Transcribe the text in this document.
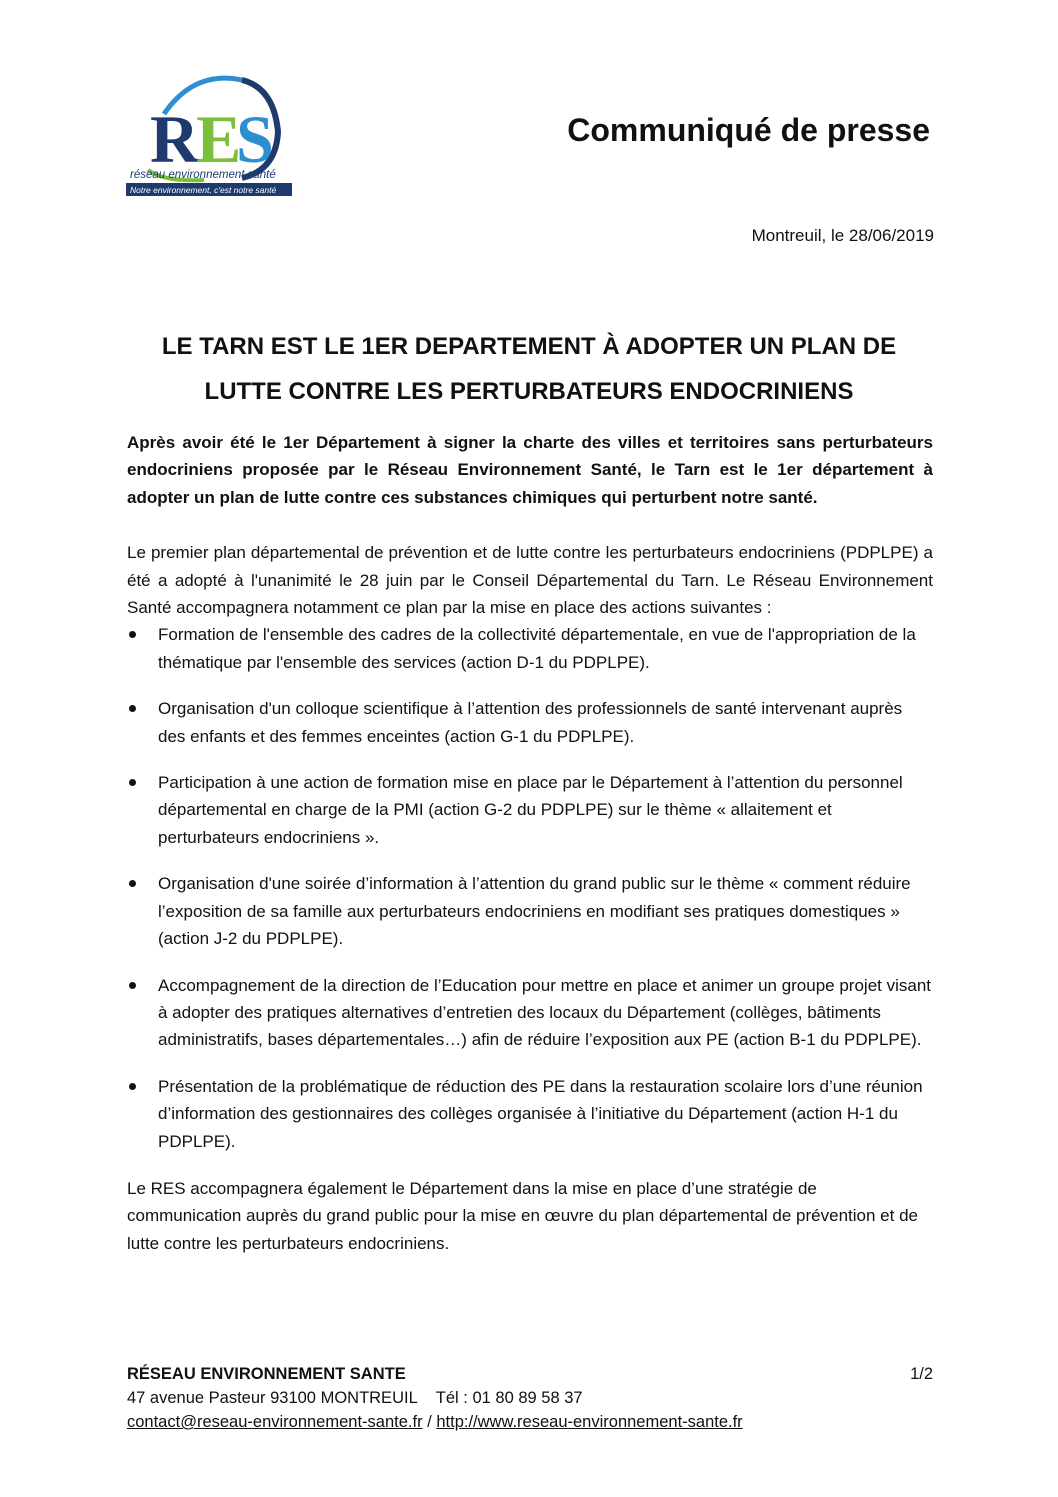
R
E
S
réseau environnement santé
Notre environnement, c'est notre santé
Communiqué de presse
Montreuil, le 28/06/2019
LE TARN EST LE 1ER DEPARTEMENT À ADOPTER UN PLAN DE
LUTTE CONTRE LES PERTURBATEURS ENDOCRINIENS

Après avoir été le 1er Département à signer la charte des villes et territoires sans perturbateurs endocriniens proposée par le Réseau Environnement Santé, le Tarn est le 1er département à adopter un plan de lutte contre ces substances chimiques qui perturbent notre santé.

Le premier plan départemental de prévention et de lutte contre les perturbateurs endocriniens (PDPLPE) a été a adopté à l'unanimité le 28 juin par le Conseil Départemental du Tarn. Le Réseau Environnement Santé accompagnera notamment ce plan par la mise en place des actions suivantes :

Formation de l'ensemble des cadres de la collectivité départementale, en vue de l'appropriation de la thématique par l'ensemble des services (action D-1 du PDPLPE).
Organisation d'un colloque scientifique à l’attention des professionnels de santé intervenant auprès des enfants et des femmes enceintes (action G-1 du PDPLPE).
Participation à une action de formation mise en place par le Département à l’attention du personnel départemental en charge de la PMI (action G-2 du PDPLPE) sur le thème « allaitement et perturbateurs endocriniens ».
Organisation d'une soirée d’information à l’attention du grand public sur le thème « comment réduire l’exposition de sa famille aux perturbateurs endocriniens en modifiant ses pratiques domestiques » (action J-2 du PDPLPE).
Accompagnement de la direction de l’Education pour mettre en place et animer un groupe projet visant à adopter des pratiques alternatives d’entretien des locaux du Département (collèges, bâtiments administratifs, bases départementales…) afin de réduire l’exposition aux PE (action B-1 du PDPLPE).
Présentation de la problématique de réduction des PE dans la restauration scolaire lors d’une réunion d’information des gestionnaires des collèges organisée à l’initiative du Département (action H-1 du PDPLPE).

Le RES accompagnera également le Département dans la mise en place d’une stratégie de communication auprès du grand public pour la mise en œuvre du plan départemental de prévention et de lutte contre les perturbateurs endocriniens.

RÉSEAU ENVIRONNEMENT SANTE	1/2
47 avenue Pasteur 93100 MONTREUIL Tél : 01 80 89 58 37
contact@reseau-environnement-sante.fr / http://www.reseau-environnement-sante.fr
